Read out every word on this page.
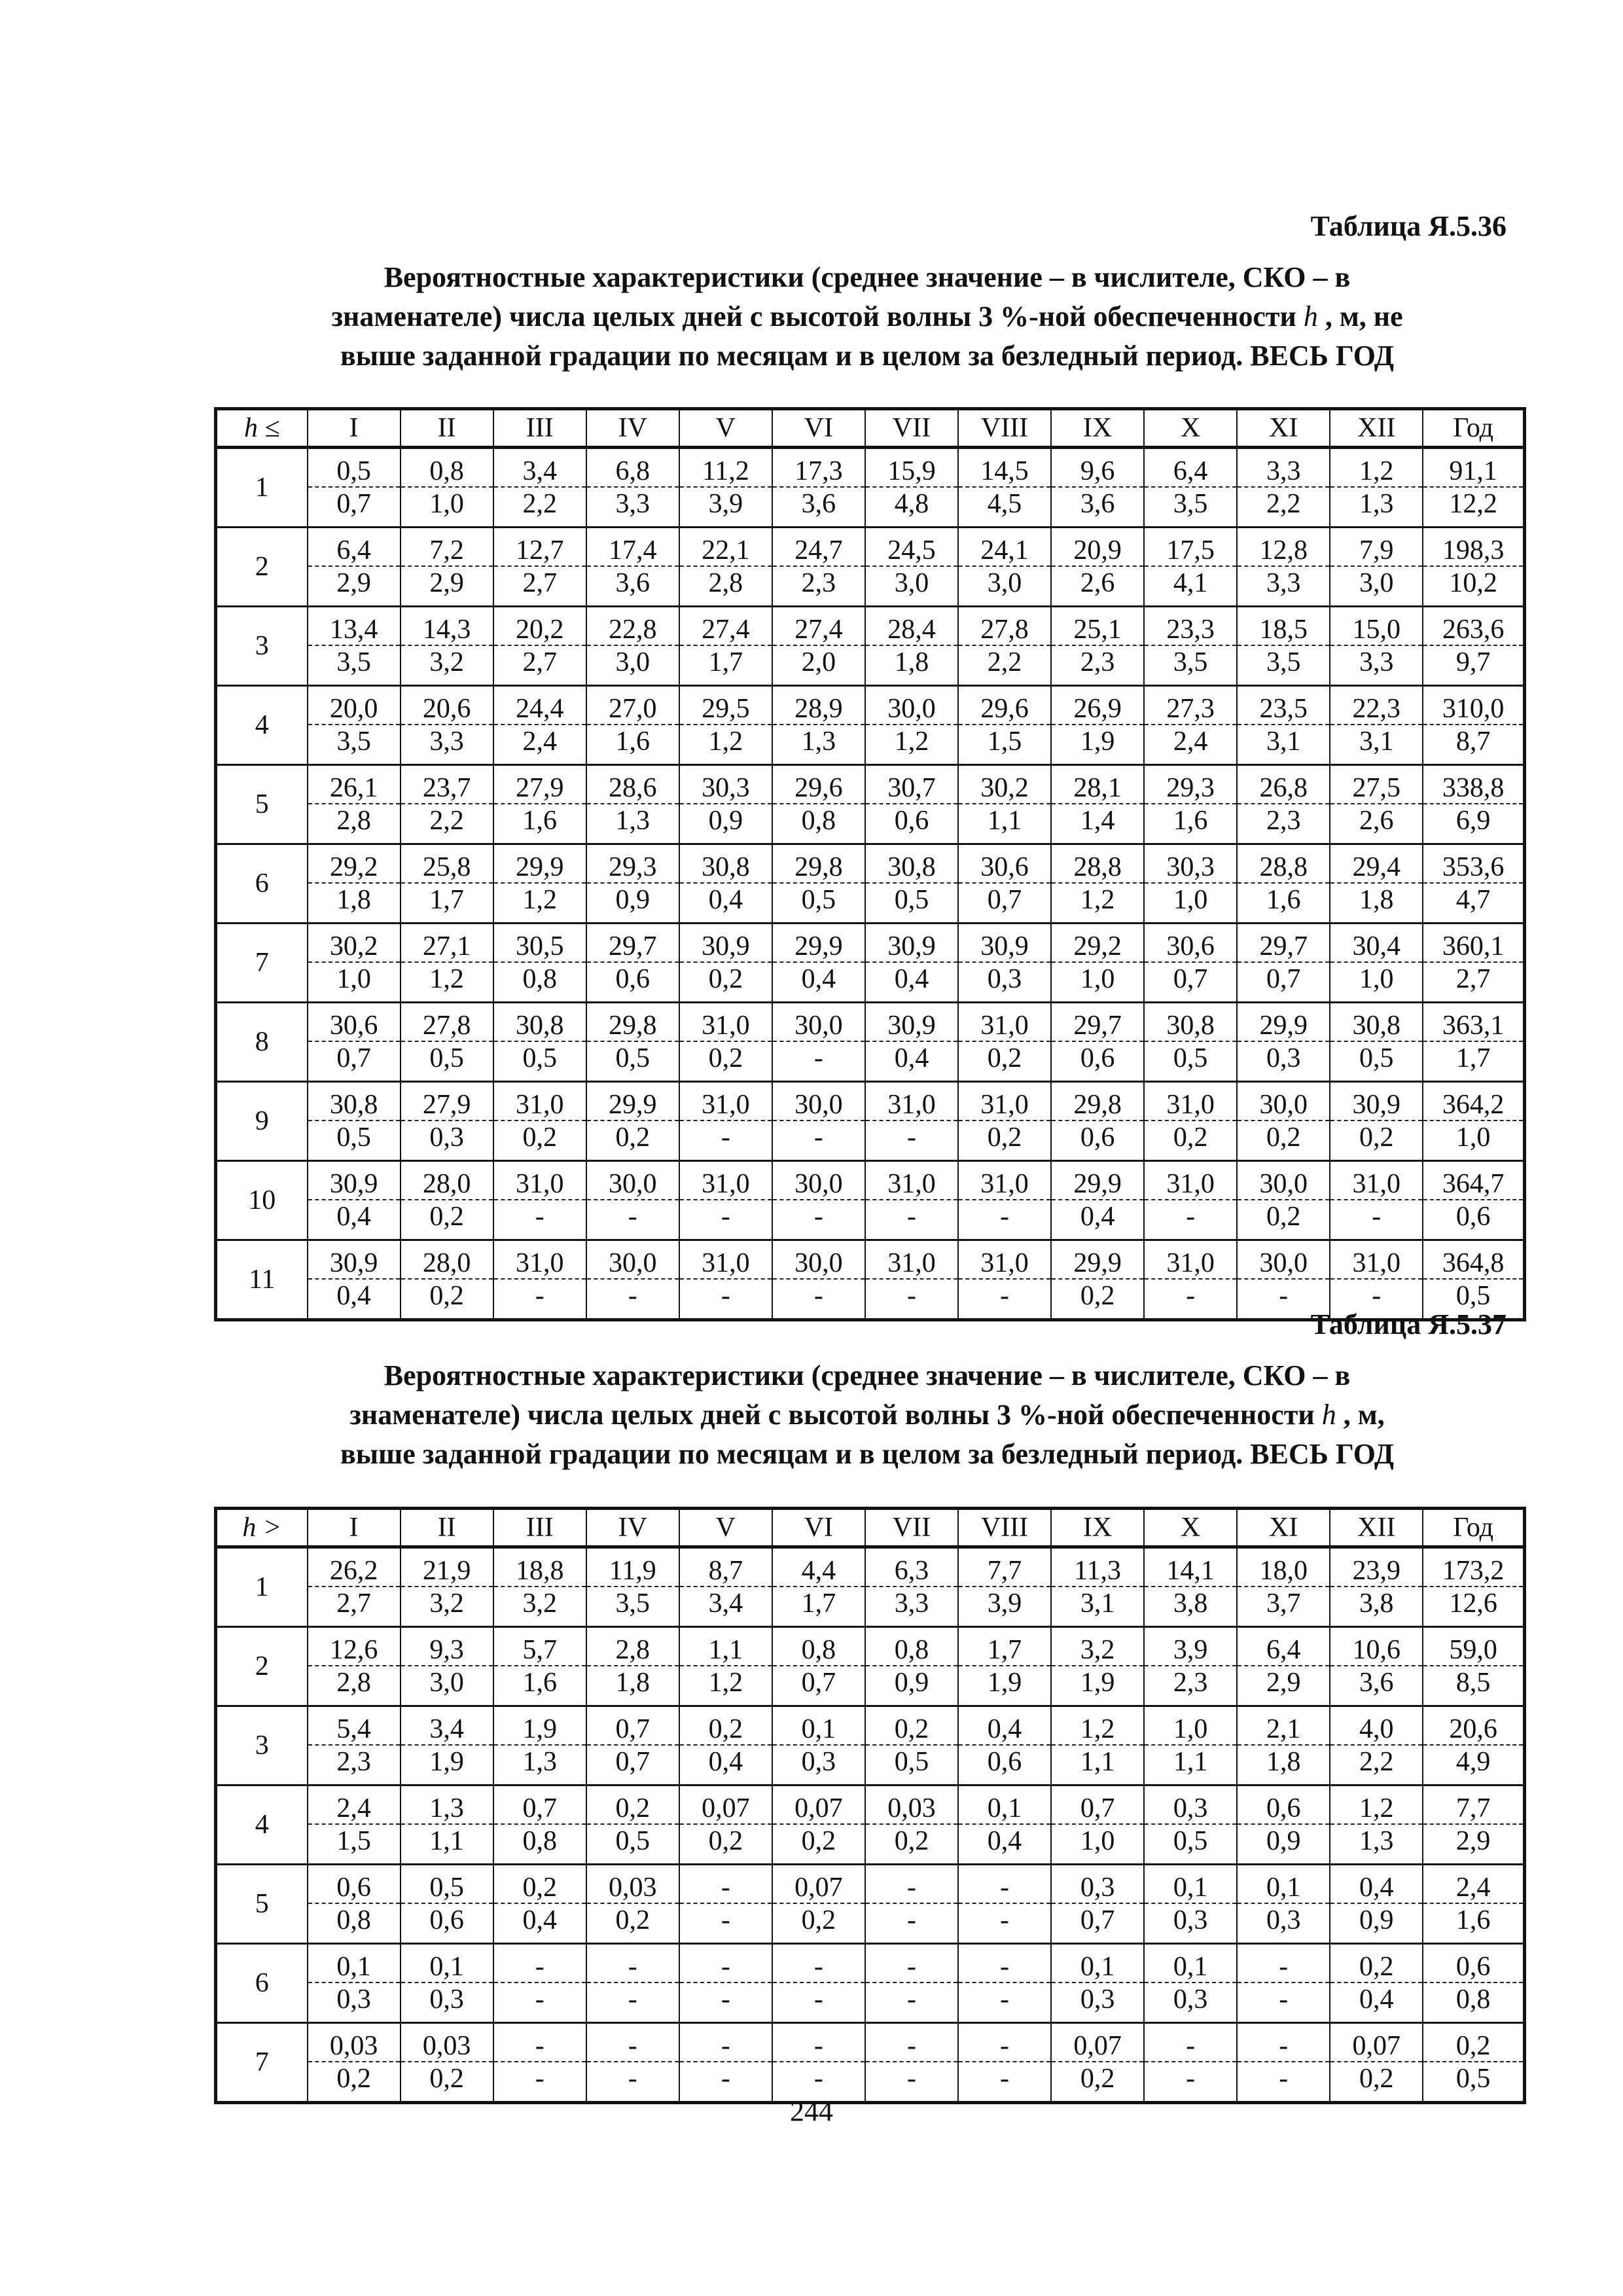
Таблица Я.5.36
Вероятностные характеристики (среднее значение – в числителе, СКО – в
знаменателе) числа целых дней с высотой волны 3 %-ной обеспеченности h , м, не
выше заданной градации по месяцам и в целом за безледный период. ВЕСЬ ГОД
h ≤	I	II	III	IV	V	VI	VII	VIII	IX	X	XI	XII	Год
1	0,5	0,8	3,4	6,8	11,2	17,3	15,9	14,5	9,6	6,4	3,3	1,2	91,1
	0,7	1,0	2,2	3,3	3,9	3,6	4,8	4,5	3,6	3,5	2,2	1,3	12,2
2	6,4	7,2	12,7	17,4	22,1	24,7	24,5	24,1	20,9	17,5	12,8	7,9	198,3
	2,9	2,9	2,7	3,6	2,8	2,3	3,0	3,0	2,6	4,1	3,3	3,0	10,2
3	13,4	14,3	20,2	22,8	27,4	27,4	28,4	27,8	25,1	23,3	18,5	15,0	263,6
	3,5	3,2	2,7	3,0	1,7	2,0	1,8	2,2	2,3	3,5	3,5	3,3	9,7
4	20,0	20,6	24,4	27,0	29,5	28,9	30,0	29,6	26,9	27,3	23,5	22,3	310,0
	3,5	3,3	2,4	1,6	1,2	1,3	1,2	1,5	1,9	2,4	3,1	3,1	8,7
5	26,1	23,7	27,9	28,6	30,3	29,6	30,7	30,2	28,1	29,3	26,8	27,5	338,8
	2,8	2,2	1,6	1,3	0,9	0,8	0,6	1,1	1,4	1,6	2,3	2,6	6,9
6	29,2	25,8	29,9	29,3	30,8	29,8	30,8	30,6	28,8	30,3	28,8	29,4	353,6
	1,8	1,7	1,2	0,9	0,4	0,5	0,5	0,7	1,2	1,0	1,6	1,8	4,7
7	30,2	27,1	30,5	29,7	30,9	29,9	30,9	30,9	29,2	30,6	29,7	30,4	360,1
	1,0	1,2	0,8	0,6	0,2	0,4	0,4	0,3	1,0	0,7	0,7	1,0	2,7
8	30,6	27,8	30,8	29,8	31,0	30,0	30,9	31,0	29,7	30,8	29,9	30,8	363,1
	0,7	0,5	0,5	0,5	0,2	-	0,4	0,2	0,6	0,5	0,3	0,5	1,7
9	30,8	27,9	31,0	29,9	31,0	30,0	31,0	31,0	29,8	31,0	30,0	30,9	364,2
	0,5	0,3	0,2	0,2	-	-	-	0,2	0,6	0,2	0,2	0,2	1,0
10	30,9	28,0	31,0	30,0	31,0	30,0	31,0	31,0	29,9	31,0	30,0	31,0	364,7
	0,4	0,2	-	-	-	-	-	-	0,4	-	0,2	-	0,6
11	30,9	28,0	31,0	30,0	31,0	30,0	31,0	31,0	29,9	31,0	30,0	31,0	364,8
	0,4	0,2	-	-	-	-	-	-	0,2	-	-	-	0,5
Таблица Я.5.37
Вероятностные характеристики (среднее значение – в числителе, СКО – в
знаменателе) числа целых дней с высотой волны 3 %-ной обеспеченности h , м,
выше заданной градации по месяцам и в целом за безледный период. ВЕСЬ ГОД
h >	I	II	III	IV	V	VI	VII	VIII	IX	X	XI	XII	Год
1	26,2	21,9	18,8	11,9	8,7	4,4	6,3	7,7	11,3	14,1	18,0	23,9	173,2
	2,7	3,2	3,2	3,5	3,4	1,7	3,3	3,9	3,1	3,8	3,7	3,8	12,6
2	12,6	9,3	5,7	2,8	1,1	0,8	0,8	1,7	3,2	3,9	6,4	10,6	59,0
	2,8	3,0	1,6	1,8	1,2	0,7	0,9	1,9	1,9	2,3	2,9	3,6	8,5
3	5,4	3,4	1,9	0,7	0,2	0,1	0,2	0,4	1,2	1,0	2,1	4,0	20,6
	2,3	1,9	1,3	0,7	0,4	0,3	0,5	0,6	1,1	1,1	1,8	2,2	4,9
4	2,4	1,3	0,7	0,2	0,07	0,07	0,03	0,1	0,7	0,3	0,6	1,2	7,7
	1,5	1,1	0,8	0,5	0,2	0,2	0,2	0,4	1,0	0,5	0,9	1,3	2,9
5	0,6	0,5	0,2	0,03	-	0,07	-	-	0,3	0,1	0,1	0,4	2,4
	0,8	0,6	0,4	0,2	-	0,2	-	-	0,7	0,3	0,3	0,9	1,6
6	0,1	0,1	-	-	-	-	-	-	0,1	0,1	-	0,2	0,6
	0,3	0,3	-	-	-	-	-	-	0,3	0,3	-	0,4	0,8
7	0,03	0,03	-	-	-	-	-	-	0,07	-	-	0,07	0,2
	0,2	0,2	-	-	-	-	-	-	0,2	-	-	0,2	0,5
244
